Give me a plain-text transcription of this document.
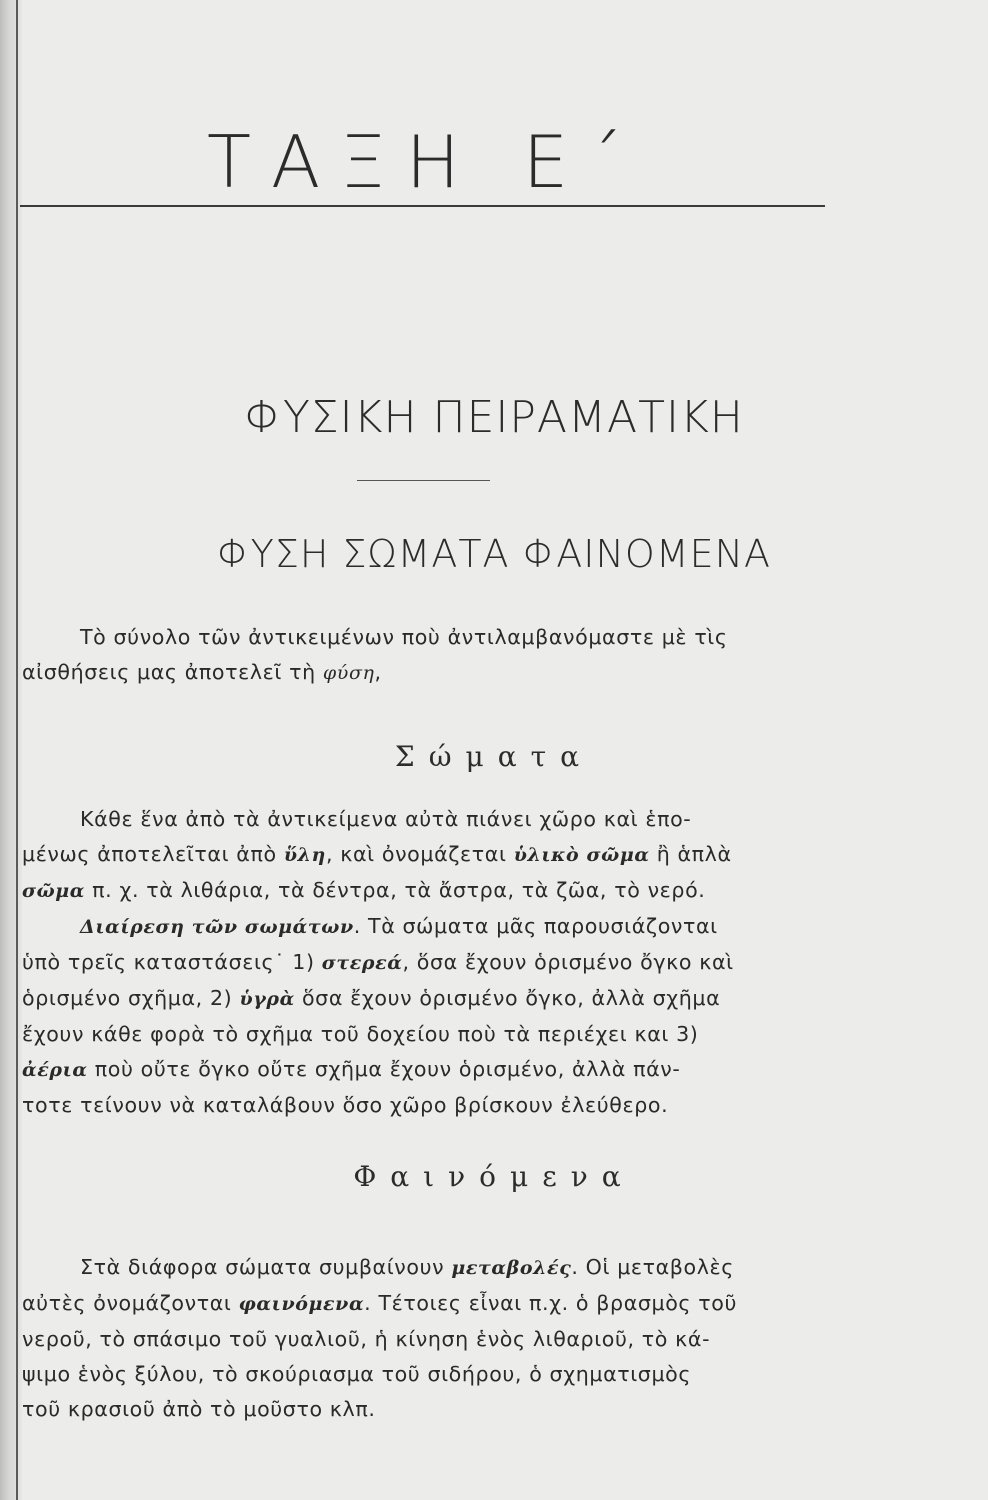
ΤΑΞΗ Ε΄
ΦΥΣΙΚΗ ΠΕΙΡΑΜΑΤΙΚΗ
ΦΥΣΗ ΣΩΜΑΤΑ ΦΑΙΝΟΜΕΝΑ
Τὸ σύνολο τῶν ἀντικειμένων ποὺ ἀντιλαμβανόμαστε μὲ τὶς
αἰσθήσεις μας ἀποτελεῖ τὴ φύση,
Σώματα
Κάθε ἕνα ἀπὸ τὰ ἀντικείμενα αὐτὰ πιάνει χῶρο καὶ ἑπο-
μένως ἀποτελεῖται ἀπὸ ὕλη, καὶ ὀνομάζεται ὑλικὸ σῶμα ἢ ἁπλὰ
σῶμα π. χ. τὰ λιθάρια, τὰ δέντρα, τὰ ἄστρα, τὰ ζῶα, τὸ νερό.
Διαίρεση τῶν σωμάτων. Τὰ σώματα μᾶς παρουσιάζονται
ὑπὸ τρεῖς καταστάσεις˙ 1) στερεά, ὅσα ἔχουν ὁρισμένο ὄγκο καὶ
ὁρισμένο σχῆμα, 2) ὑγρὰ ὅσα ἔχουν ὁρισμένο ὄγκο, ἀλλὰ σχῆμα
ἔχουν κάθε φορὰ τὸ σχῆμα τοῦ δοχείου ποὺ τὰ περιέχει και 3)
ἀέρια ποὺ οὔτε ὄγκο οὔτε σχῆμα ἔχουν ὁρισμένο, ἀλλὰ πάν-
τοτε τείνουν νὰ καταλάβουν ὅσο χῶρο βρίσκουν ἐλεύθερο.
Φαινόμενα
Στὰ διάφορα σώματα συμβαίνουν μεταβολές. Οἱ μεταβολὲς
αὐτὲς ὀνομάζονται φαινόμενα. Τέτοιες εἶναι π.χ. ὁ βρασμὸς τοῦ
νεροῦ, τὸ σπάσιμο τοῦ γυαλιοῦ, ἡ κίνηση ἑνὸς λιθαριοῦ, τὸ κά-
ψιμο ἑνὸς ξύλου, τὸ σκούριασμα τοῦ σιδήρου, ὁ σχηματισμὸς
τοῦ κρασιοῦ ἀπὸ τὸ μοῦστο κλπ.
